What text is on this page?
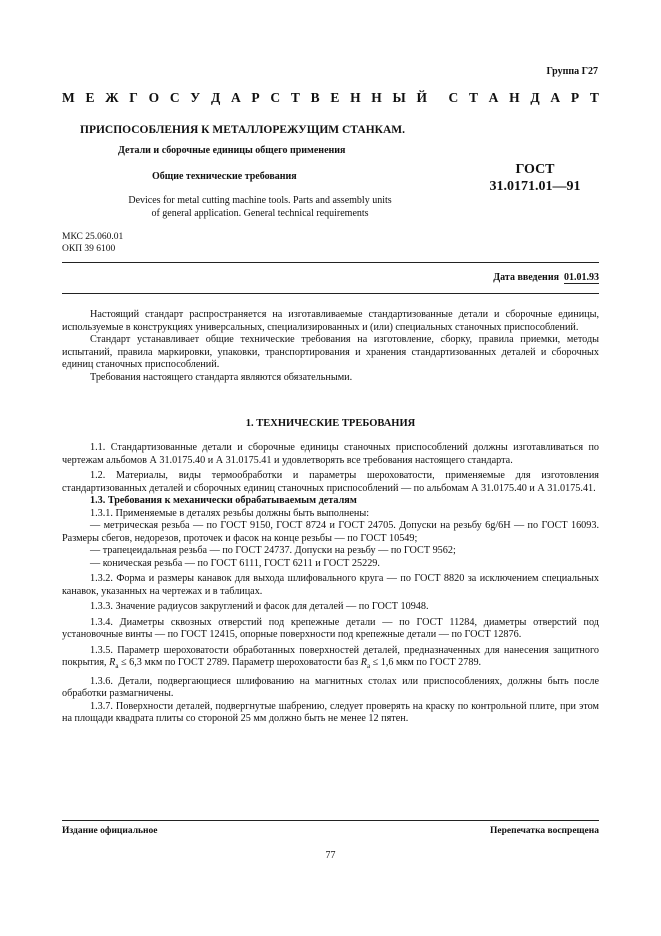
Группа Г27
М Е Ж Г О С У Д А Р С Т В Е Н Н Ы Й С Т А Н Д А Р Т
ПРИСПОСОБЛЕНИЯ К МЕТАЛЛОРЕЖУЩИМ СТАНКАМ.
Детали и сборочные единицы общего применения
Общие технические требования	ГОСТ
31.0171.01—91
Devices for metal cutting machine tools. Parts and assembly units
of general application. General technical requirements
МКС 25.060.01
ОКП 39 6100
Дата введения 01.01.93

Настоящий стандарт распространяется на изготавливаемые стандартизованные детали и сборочные единицы, используемые в конструкциях универсальных, специализированных и (или) специальных станочных приспособлений.

Стандарт устанавливает общие технические требования на изготовление, сборку, правила приемки, методы испытаний, правила маркировки, упаковки, транспортирования и хранения стандартизованных деталей и сборочных единиц станочных приспособлений.

Требования настоящего стандарта являются обязательными.

1. ТЕХНИЧЕСКИЕ ТРЕБОВАНИЯ

1.1. Стандартизованные детали и сборочные единицы станочных приспособлений должны изготавливаться по чертежам альбомов А 31.0175.40 и А 31.0175.41 и удовлетворять все требования настоящего стандарта.

1.2. Материалы, виды термообработки и параметры шероховатости, применяемые для изготовления стандартизованных деталей и сборочных единиц станочных приспособлений — по альбомам А 31.0175.40 и А 31.0175.41.

1.3. Требования к механически обрабатываемым деталям

1.3.1. Применяемые в деталях резьбы должны быть выполнены:

— метрическая резьба — по ГОСТ 9150, ГОСТ 8724 и ГОСТ 24705. Допуски на резьбу 6g/6H — по ГОСТ 16093. Размеры сбегов, недорезов, проточек и фасок на конце резьбы — по ГОСТ 10549;

— трапецеидальная резьба — по ГОСТ 24737. Допуски на резьбу — по ГОСТ 9562;

— коническая резьба — по ГОСТ 6111, ГОСТ 6211 и ГОСТ 25229.

1.3.2. Форма и размеры канавок для выхода шлифовального круга — по ГОСТ 8820 за исключением специальных канавок, указанных на чертежах и в таблицах.

1.3.3. Значение радиусов закруглений и фасок для деталей — по ГОСТ 10948.

1.3.4. Диаметры сквозных отверстий под крепежные детали — по ГОСТ 11284, диаметры отверстий под установочные винты — по ГОСТ 12415, опорные поверхности под крепежные детали — по ГОСТ 12876.

1.3.5. Параметр шероховатости обработанных поверхностей деталей, предназначенных для нанесения защитного покрытия, $R_a \le 6,3$ мкм по ГОСТ 2789. Параметр шероховатости баз $R_a \le 1,6$ мкм по ГОСТ 2789.

1.3.6. Детали, подвергающиеся шлифованию на магнитных столах или приспособлениях, должны быть после обработки размагничены.

1.3.7. Поверхности деталей, подвергнутые шабрению, следует проверять на краску по контрольной плите, при этом на площади квадрата плиты со стороной 25 мм должно быть не менее 12 пятен.

Издание официальное	Перепечатка воспрещена
77
